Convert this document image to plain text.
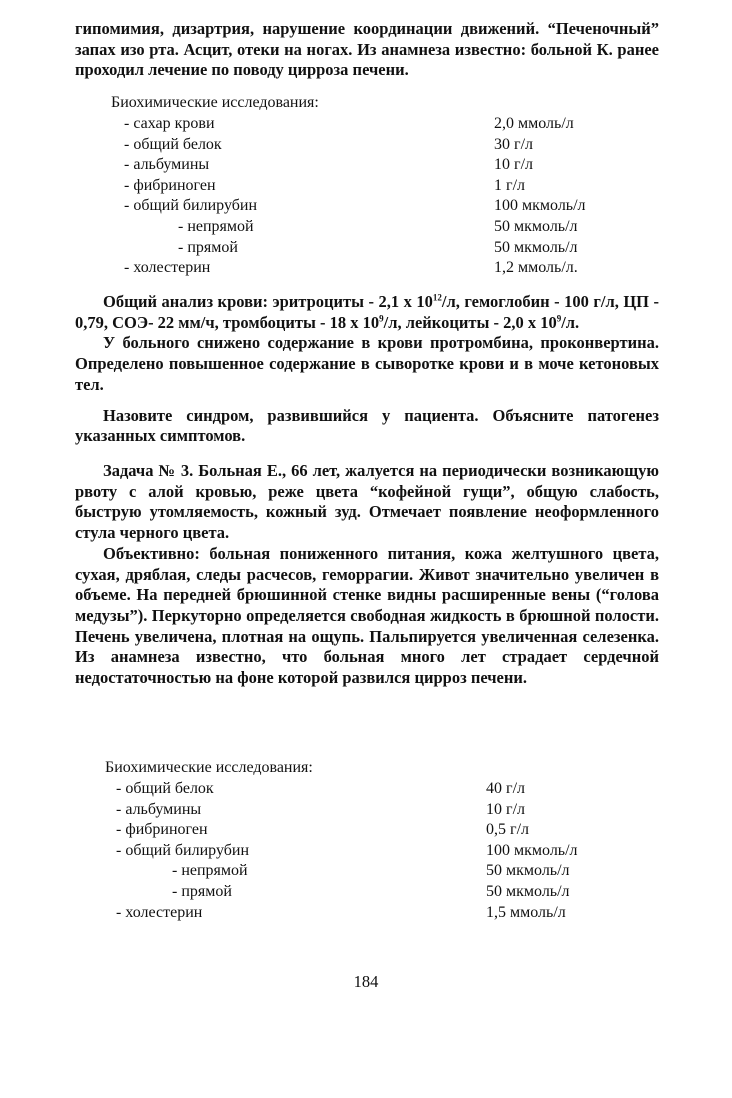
гипомимия, дизартрия, нарушение координации движений. “Печеночный” запах изо рта. Асцит, отеки на ногах. Из анамнеза известно: больной К. ранее проходил лечение по поводу цирроза печени.

Биохимические исследования:
- сахар крови	2,0 ммоль/л
- общий белок	30 г/л
- альбумины	10 г/л
- фибриноген	1 г/л
- общий билирубин	100 мкмоль/л
- непрямой	50 мкмоль/л
- прямой	50 мкмоль/л
- холестерин	1,2 ммоль/л.

Общий анализ крови: эритроциты - 2,1 х $10^{12}/л$, гемоглобин - 100 г/л, ЦП - 0,79, СОЭ- 22 мм/ч, тромбоциты - 18 х $10^9/л$, лейкоциты - 2,0 х $10^9/л$.

У больного снижено содержание в крови протромбина, проконвертина. Определено повышенное содержание в сыворотке крови и в моче кетоновых тел.

Назовите синдром, развившийся у пациента. Объясните патогенез указанных симптомов.

Задача № 3. Больная Е., 66 лет, жалуется на периодически возникающую рвоту с алой кровью, реже цвета “кофейной гущи”, общую слабость, быструю утомляемость, кожный зуд. Отмечает появление неоформленного стула черного цвета.

Объективно: больная пониженного питания, кожа желтушного цвета, сухая, дряблая, следы расчесов, геморрагии. Живот значительно увеличен в объеме. На передней брюшинной стенке видны расширенные вены (“голова медузы”). Перкуторно определяется свободная жидкость в брюшной полости. Печень увеличена, плотная на ощупь. Пальпируется увеличенная селезенка. Из анамнеза известно, что больная много лет страдает сердечной недостаточностью на фоне которой развился цирроз печени.

Биохимические исследования:
- общий белок	40 г/л
- альбумины	10 г/л
- фибриноген	0,5 г/л
- общий билирубин	100 мкмоль/л
- непрямой	50 мкмоль/л
- прямой	50 мкмоль/л
- холестерин	1,5 ммоль/л
184
